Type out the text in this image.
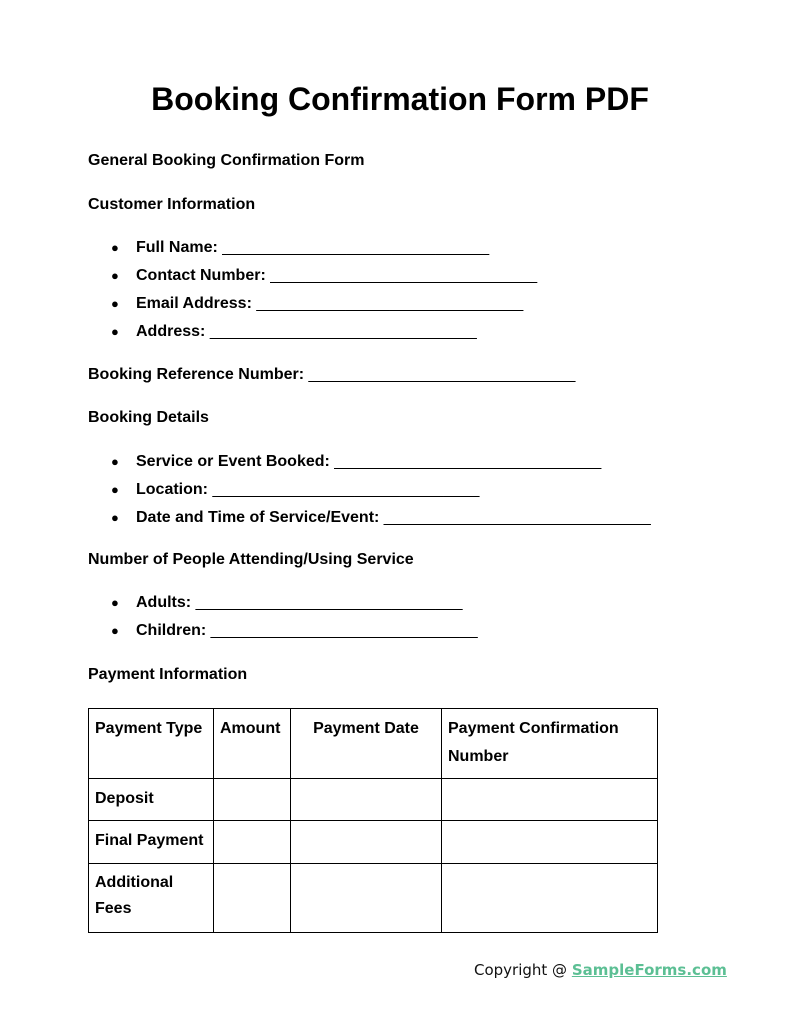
Booking Confirmation Form PDF
General Booking Confirmation Form
Customer Information
● Full Name: ______________________________
● Contact Number: ______________________________
● Email Address: ______________________________
● Address: ______________________________
Booking Reference Number: ______________________________
Booking Details
● Service or Event Booked: ______________________________
● Location: ______________________________
● Date and Time of Service/Event: ______________________________
Number of People Attending/Using Service
● Adults: ______________________________
● Children: ______________________________
Payment Information
Payment Type	Amount	Payment Date	Payment Confirmation Number
Deposit			
Final Payment			
Additional Fees			
Copyright @ SampleForms.com
